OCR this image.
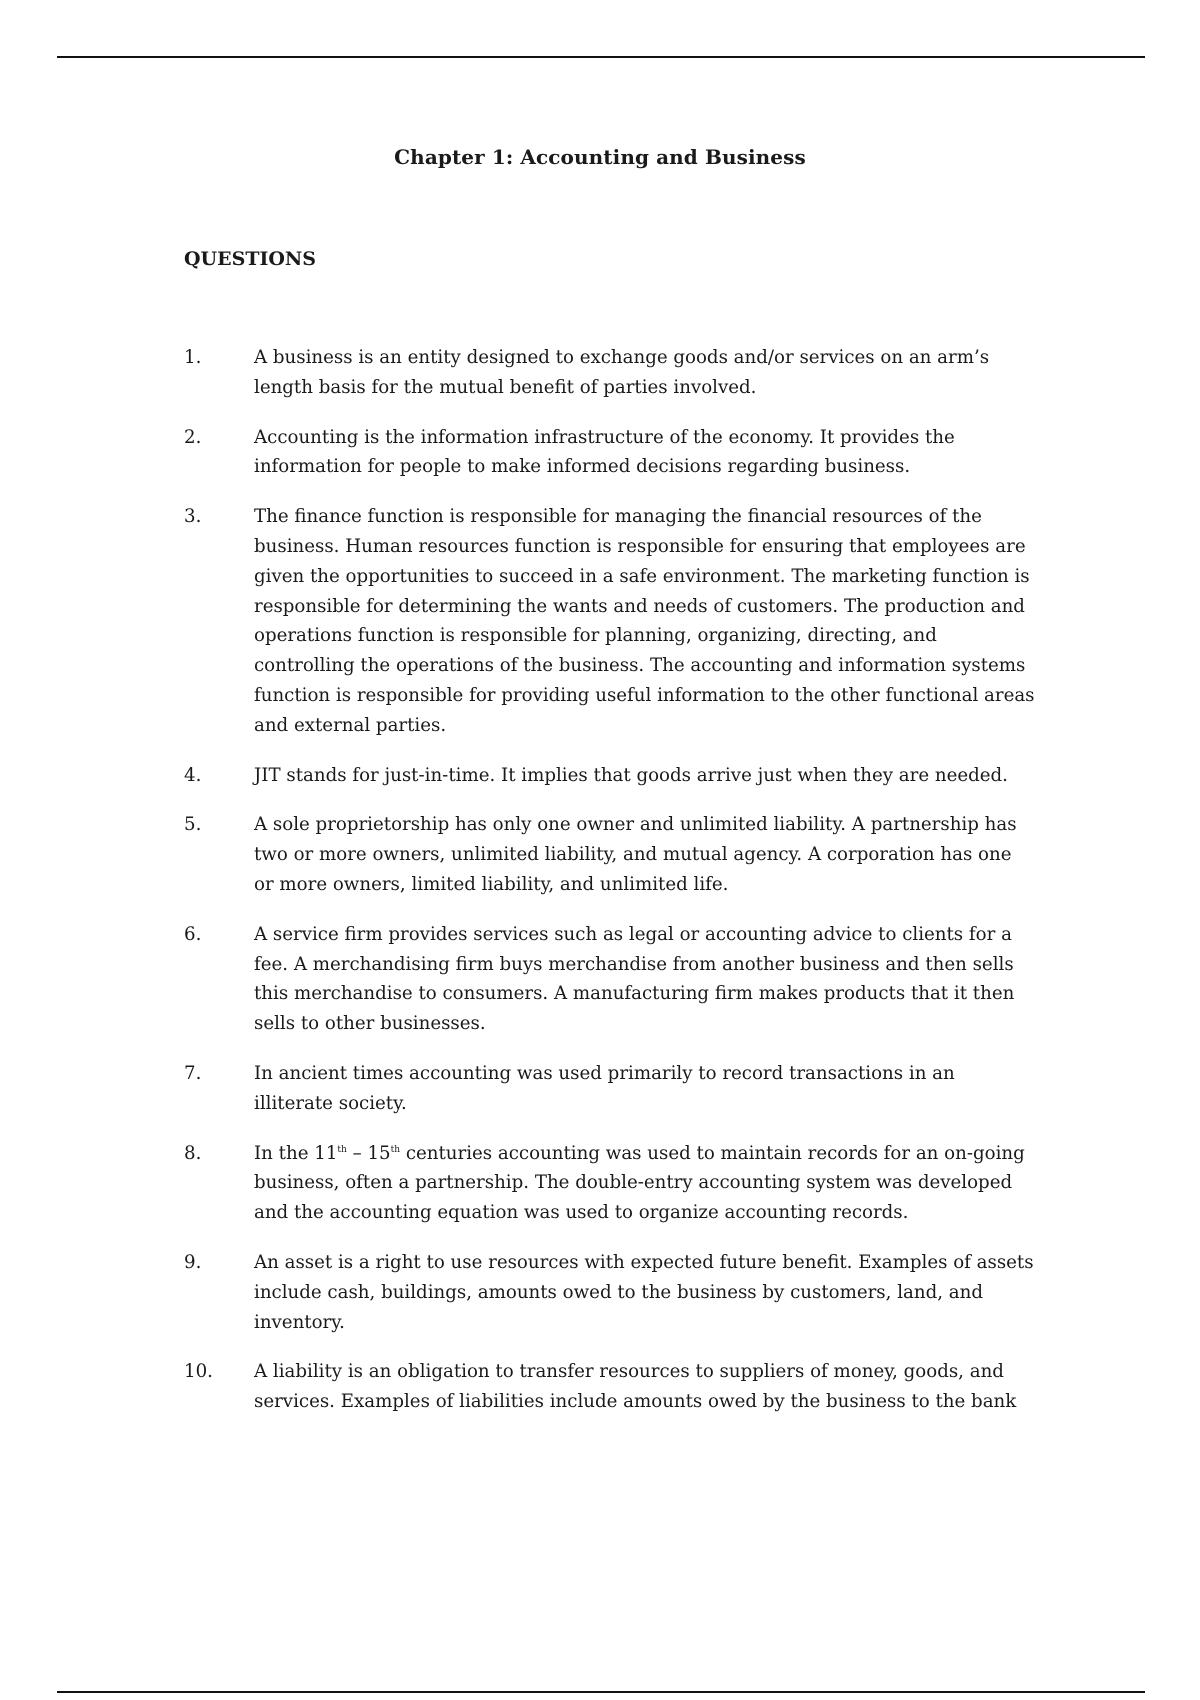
Chapter 1: Accounting and Business
QUESTIONS
1.	A business is an entity designed to exchange goods and/or services on an arm’s
length basis for the mutual benefit of parties involved.
2.	Accounting is the information infrastructure of the economy. It provides the
information for people to make informed decisions regarding business.
3.	The finance function is responsible for managing the financial resources of the
business. Human resources function is responsible for ensuring that employees are
given the opportunities to succeed in a safe environment. The marketing function is
responsible for determining the wants and needs of customers. The production and
operations function is responsible for planning, organizing, directing, and
controlling the operations of the business. The accounting and information systems
function is responsible for providing useful information to the other functional areas
and external parties.
4.	JIT stands for just-in-time. It implies that goods arrive just when they are needed.
5.	A sole proprietorship has only one owner and unlimited liability. A partnership has
two or more owners, unlimited liability, and mutual agency. A corporation has one
or more owners, limited liability, and unlimited life.
6.	A service firm provides services such as legal or accounting advice to clients for a
fee. A merchandising firm buys merchandise from another business and then sells
this merchandise to consumers. A manufacturing firm makes products that it then
sells to other businesses.
7.	In ancient times accounting was used primarily to record transactions in an
illiterate society.
8.	In the 11th – 15th centuries accounting was used to maintain records for an on-going
business, often a partnership. The double-entry accounting system was developed
and the accounting equation was used to organize accounting records.
9.	An asset is a right to use resources with expected future benefit. Examples of assets
include cash, buildings, amounts owed to the business by customers, land, and
inventory.
10.	A liability is an obligation to transfer resources to suppliers of money, goods, and
services. Examples of liabilities include amounts owed by the business to the bank
